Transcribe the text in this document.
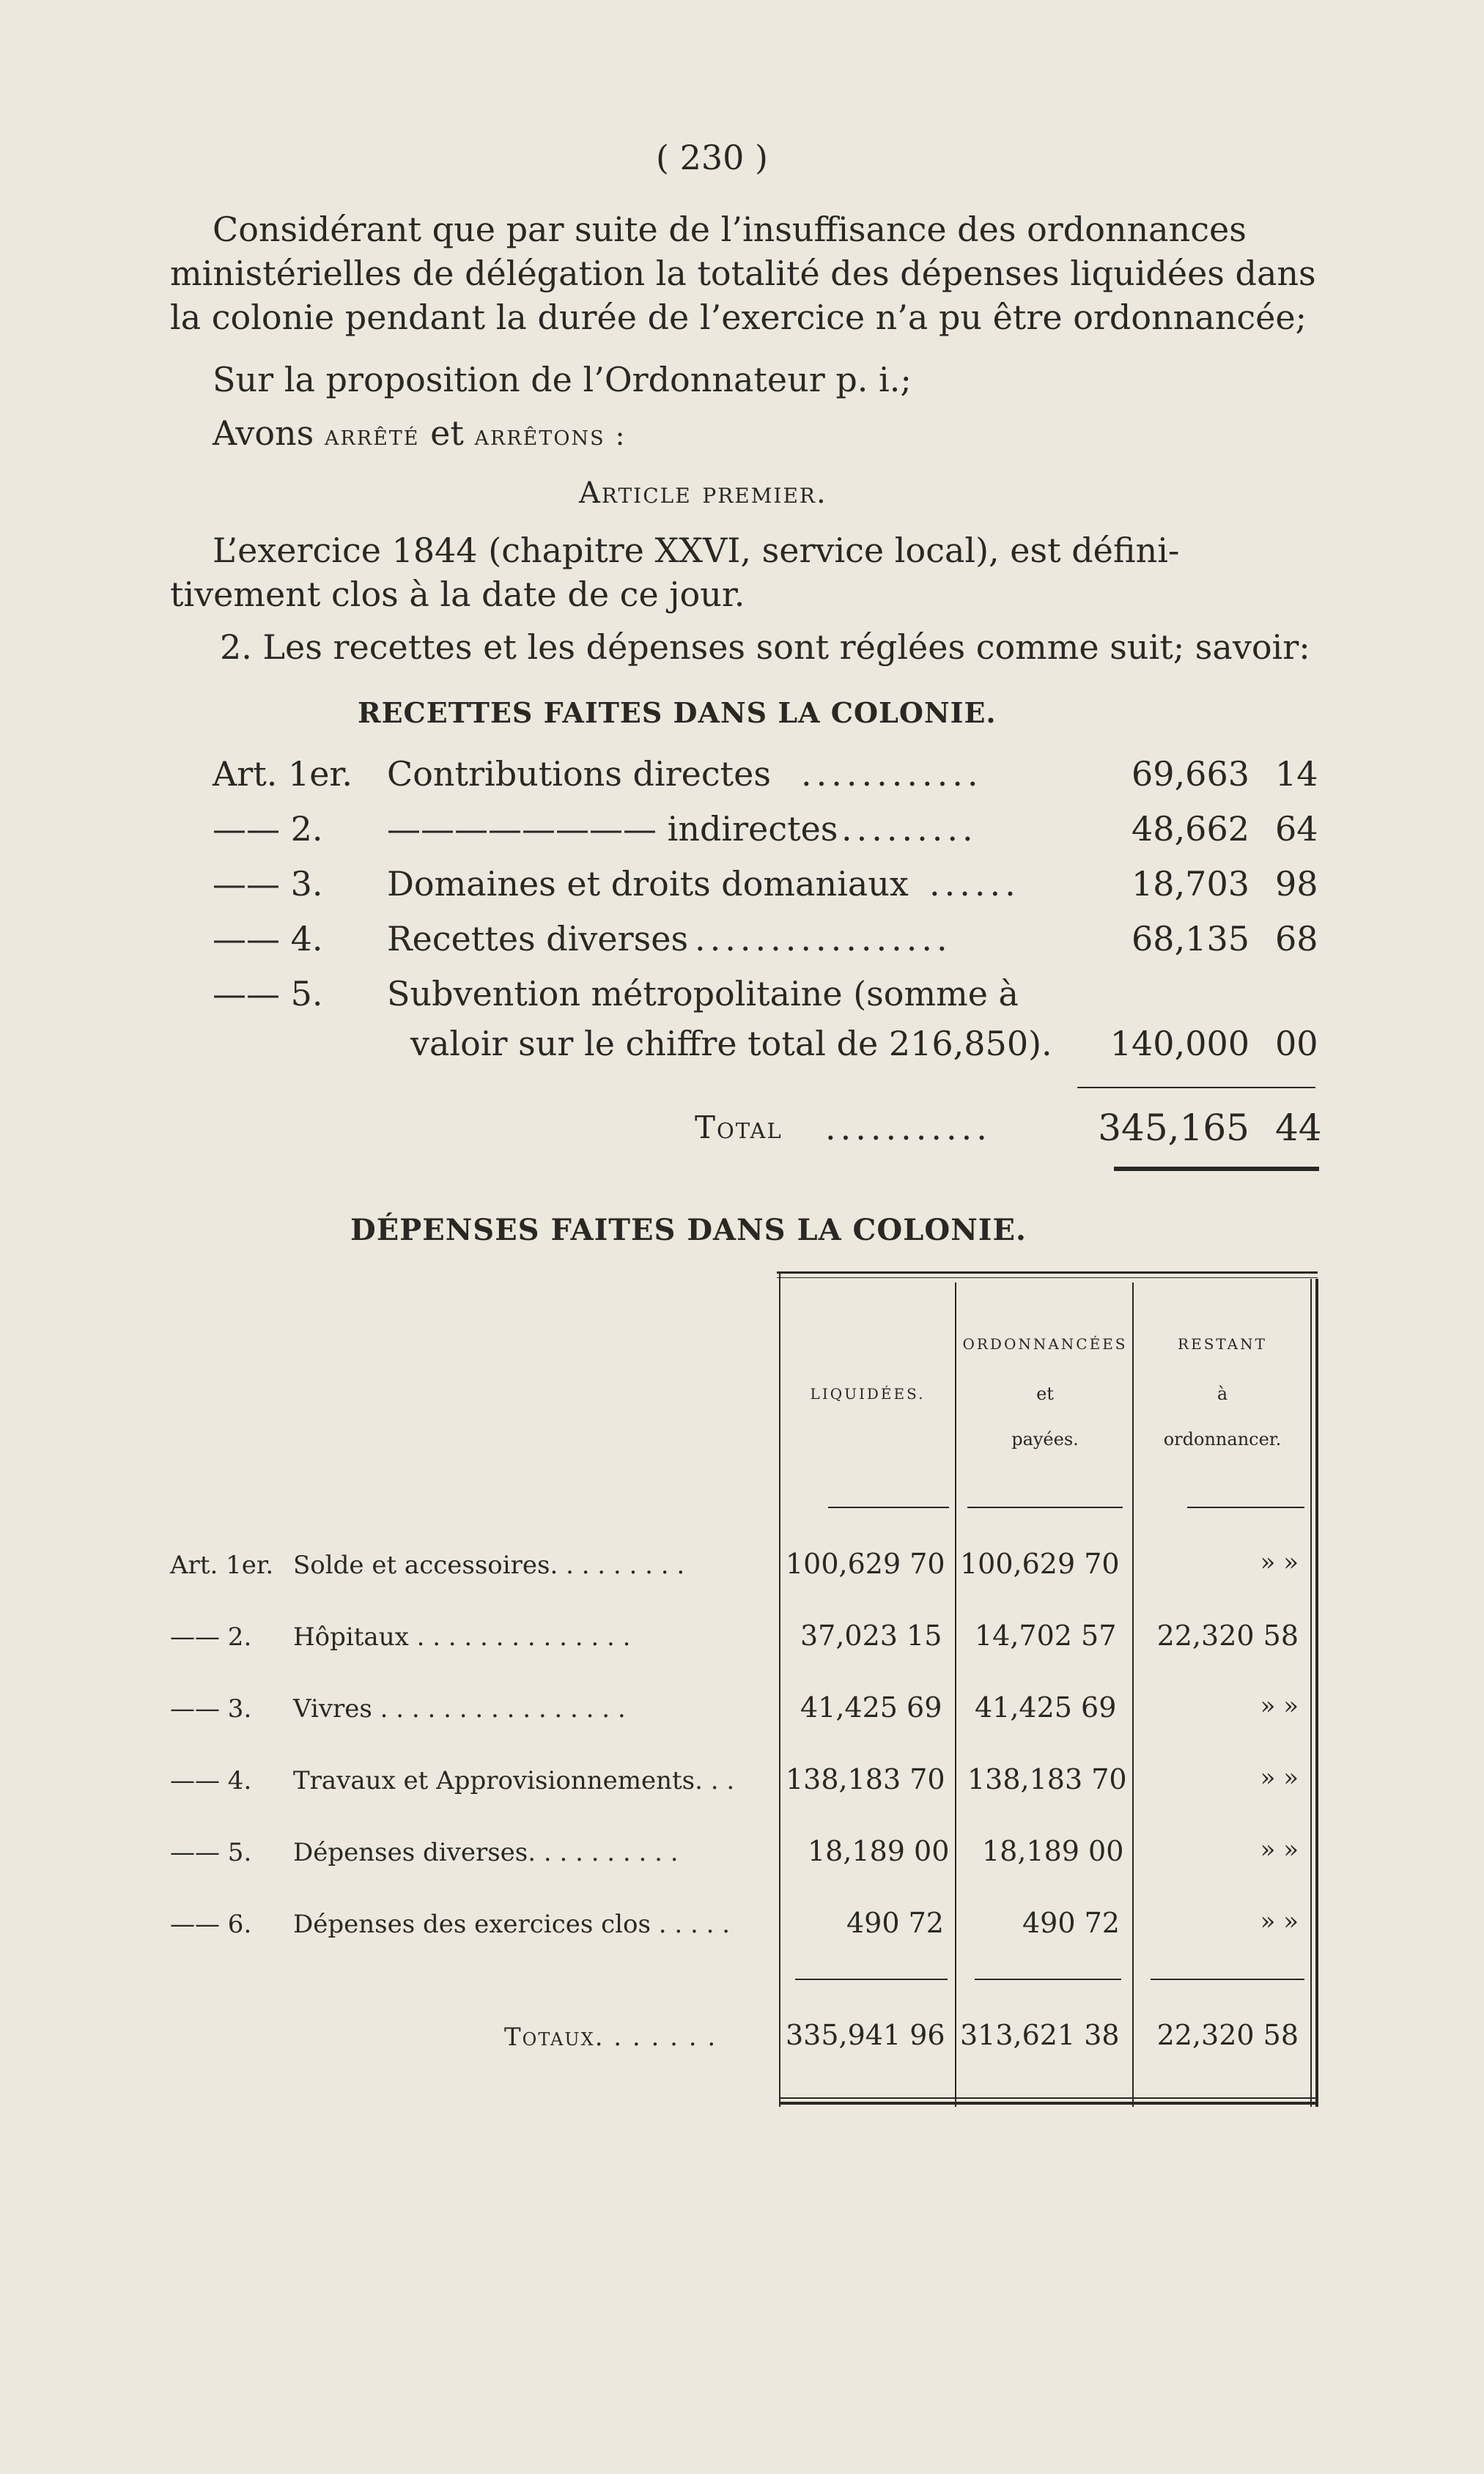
( 230 )
Considérant que par suite de l’insuffisance des ordonnances
ministérielles de délégation la totalité des dépenses liquidées dans
la colonie pendant la durée de l’exercice n’a pu être ordonnancée;
Sur la proposition de l’Ordonnateur p. i.;
Avons arrêté et arrêtons :
Article premier.
L’exercice 1844 (chapitre XXVI, service local), est défini-
tivement clos à la date de ce jour.
2. Les recettes et les dépenses sont réglées comme suit; savoir:
RECETTES FAITES DANS LA COLONIE.
Art. 1er. Contributions directes ............	69,663 14
—— 2. ———————— indirectes .........	48,662 64
—— 3. Domaines et droits domaniaux ......	18,703 98
—— 4. Recettes diverses .................	68,135 68
—— 5. Subvention métropolitaine (somme à
valoir sur le chiffre total de 216,850).	140,000 00
Total ...........	345,165 44
DÉPENSES FAITES DANS LA COLONIE.
LIQUIDÉES.
ORDONNANCÉES
et
payées.
RESTANT
à
ordonnancer.
Art. 1er. Solde et accessoires. . . . . . . . .	100,629 70 100,629 70	» »
—— 2. Hôpitaux . . . . . . . . . . . . . .	37,023 15 14,702 57	22,320 58
—— 3. Vivres . . . . . . . . . . . . . . . .	41,425 69 41,425 69	» »
—— 4. Travaux et Approvisionnements. . . 138,183 70 138,183 70	» »
—— 5. Dépenses diverses. . . . . . . . . .	18,189 00 18,189 00	» »
—— 6. Dépenses des exercices clos . . . . .	490 72	490 72	» »
Totaux. . . . . . . 335,941 96 313,621 38	22,320 58
